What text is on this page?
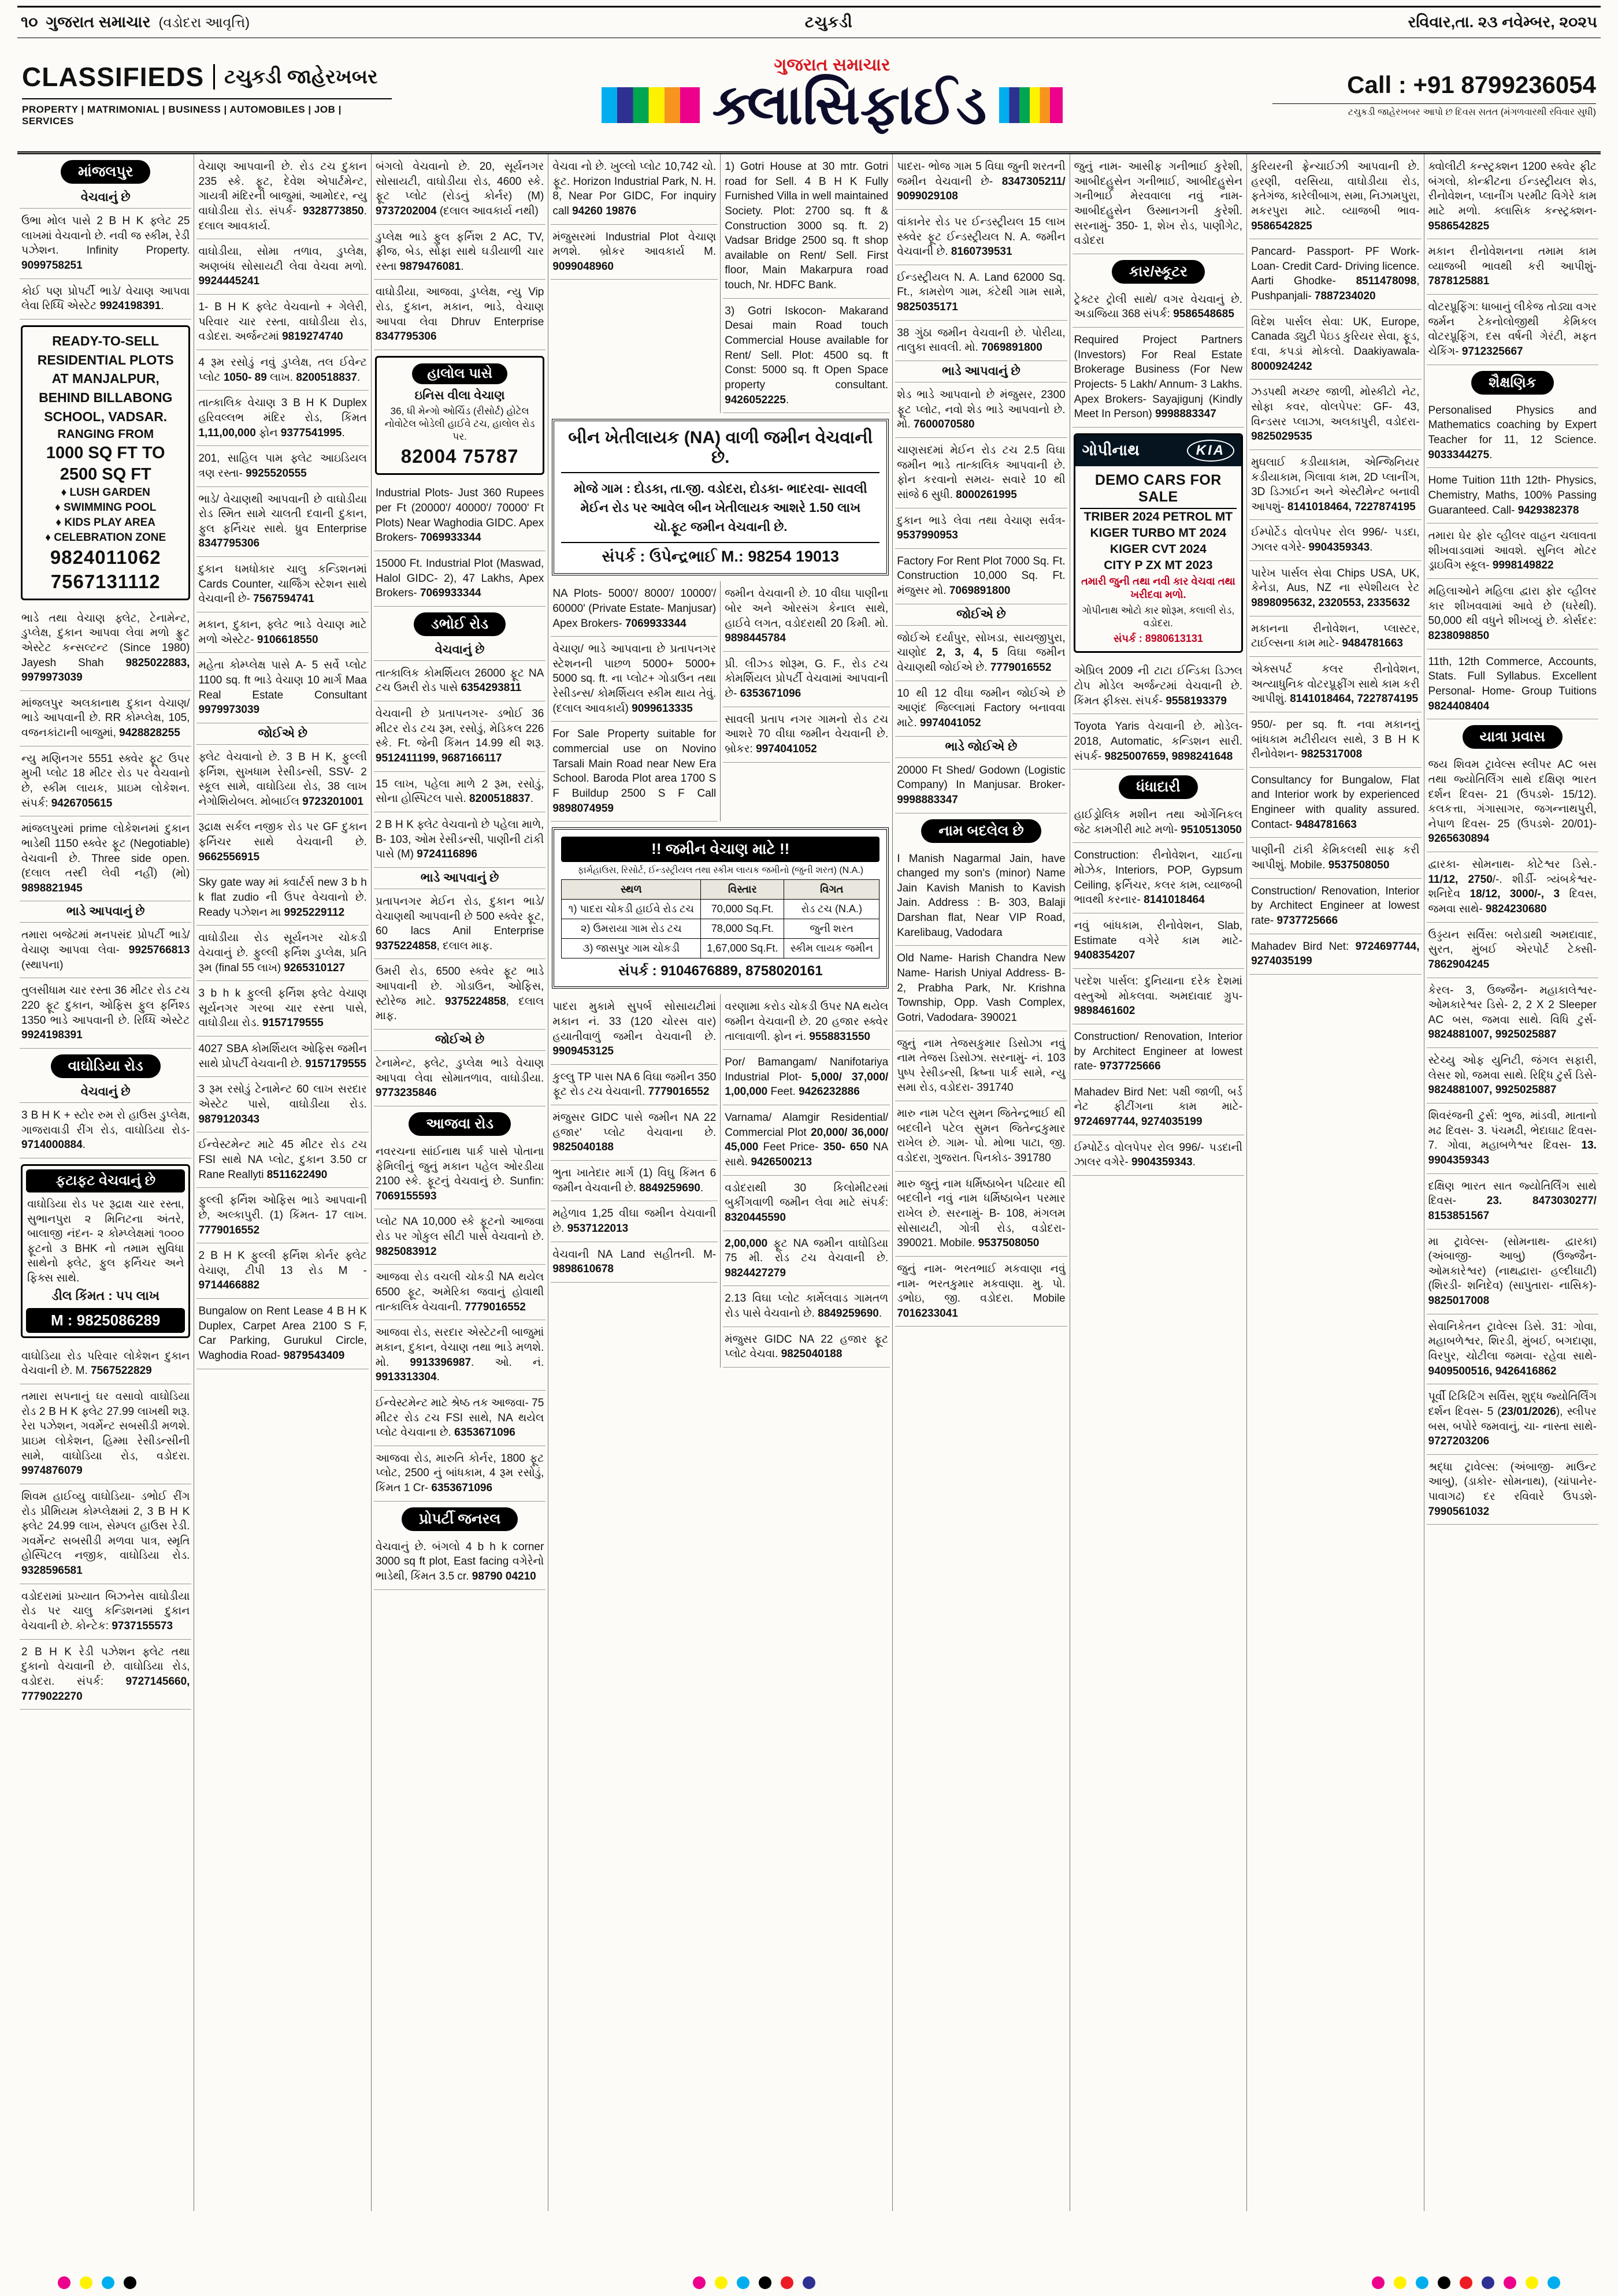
૧૦ ગુજરાત સમાચાર (વડોદરા આવૃત્તિ)	ટચુકડી	રવિવાર,તા. ૨૩ નવેમ્બર, ૨૦૨૫
CLASSIFIEDS ટચુકડી જાહેરખબર
PROPERTY | MATRIMONIAL | BUSINESS | AUTOMOBILES | JOB | SERVICES
ગુજરાત સમાચાર
ક્લાસિફાઈડ	Call : +91 8799236054
ટચુકડી જાહેરખબર આપો છ દિવસ સતત (મંગળવારથી રવિવાર સુધી)
માંજલપુર
વેચવાનું છે
ઉભા મોલ પાસે 2 B H K ફ્લેટ 25 લાખમાં વેચવાનો છે. નવી જ સ્કીમ, રેડી પઝેશન. Infinity Property. 9099758251
કોઈ પણ પ્રોપર્ટી ભાડે/ વેચાણ આપવા લેવા રિધ્ધિ એસ્ટેટ 9924198391.
READY-TO-SELL
RESIDENTIAL PLOTS
AT MANJALPUR,
BEHIND BILLABONG
SCHOOL, VADSAR.
RANGING FROM
1000 SQ FT TO
2500 SQ FT
♦ LUSH GARDEN
♦ SWIMMING POOL
♦ KIDS PLAY AREA
♦ CELEBRATION ZONE
9824011062
7567131112
ભાડે તથા વેચાણ ફ્લેટ, ટેનામેન્ટ, ડુપ્લેક્ષ, દુકાન આપવા લેવા મળો ફ્રુટ એસ્ટેટ કન્સલ્ટન્ટ (Since 1980) Jayesh Shah 9825022883, 9979973039
માંજલપુર અલકાનાથ દુકાન વેચાણ/ ભાડે આપવાની છે. RR કોમ્પ્લેક્ષ, 105, વજનકાંટાની બાજુમાં, 9428828255
ન્યુ મણિનગર 5551 સ્ક્વેર ફૂટ ઉપર મુખી પ્લોટ 18 મીટર રોડ પર વેચવાનો છે, સ્કીમ લાયક, પ્રાઇમ લોકેશન. સંપર્ક: 9426705615
માંજલપુરમાં prime લોકેશનમાં દુકાન ભાડેથી 1150 સ્ક્વેર ફૂટ (Negotiable) વેચવાની છે. Three side open. (દલાલ તસ્દી લેવી નહીં) (મો) 9898821945
ભાડે આપવાનું છે
તમારા બજેટમાં મનપસંદ પ્રોપર્ટી ભાડે/ વેચાણ આપવા લેવા- 9925766813 (સ્થાપના)
તુલસીધામ ચાર રસ્તા 36 મીટર રોડ ટચ 220 ફૂટ દુકાન, ઓફિસ ફુલ ફર્નિશ્ડ 1350 ભાડે આપવાની છે. રિધ્ધિ એસ્ટેટ 9924198391
વાઘોડિયા રોડ
વેચવાનું છે
3 B H K + સ્ટોર રુમ રો હાઉસ ડુપ્લેક્ષ, ગાજરાવાડી રીંગ રોડ, વાઘોડિયા રોડ- 9714000884.
ફટાફટ વેચવાનું છે
વાઘોડિયા રોડ પર રૂદ્રાક્ષ ચાર રસ્તા, સુભાનપુરા ૨ મિનિટના અંતરે, બાલાજી નંદન- ૨ કોમ્પ્લેક્ષમાં ૧૦૦૦ ફૂટનો ૩ BHK નો તમામ સુવિધા સાથેનો ફ્લેટ, ફુલ ફર્નિચર અને ફિક્સ સાથે.
ડીલ કિંમત : ૫૫ લાખ
M : 9825086289
વાઘોડિયા રોડ પરિવાર લોકેશન દુકાન વેચવાની છે. M. 7567522829
તમારા સપનાનું ઘર વસાવો વાઘોડિયા રોડ 2 B H K ફ્લેટ 27.99 લાખથી શરૂ. રેરા પઝેશન, ગવર્મેન્ટ સબસીડી મળશે. પ્રાઇમ લોકેશન, હિમ્મા રેસીડન્સીની સામે, વાઘોડિયા રોડ, વડોદરા. 9974876079
શિવમ હાઈવ્યુ વાઘોડિયા- ડભોઈ રીંગ રોડ પ્રીમિયમ કોમ્પ્લેક્ષમાં 2, 3 B H K ફ્લેટ 24.99 લાખ, સેમ્પલ હાઉસ રેડી. ગવર્મેન્ટ સબસીડી મળવા પાત્ર, સ્મૃતિ હોસ્પિટલ નજીક, વાઘોડિયા રોડ. 9328596581
વડોદરામાં પ્રખ્યાત બિઝનેસ વાઘોડીયા રોડ પર ચાલુ કન્ડિશનમાં દુકાન વેચવાની છે. કોન્ટેક: 9737155573
2 B H K રેડી પઝેશન ફ્લેટ તથા દુકાનો વેચવાની છે. વાઘોડિયા રોડ, વડોદરા. સંપર્ક: 9727145660, 7779022270
વેચાણ આપવાની છે. રોડ ટચ દુકાન 235 સ્કે. ફૂટ, દેવેશ એપાર્ટમેન્ટ, ગાયત્રી મંદિરની બાજુમાં, આમોદર, ન્યુ વાઘોડીયા રોડ. સંપર્ક- 9328773850. દલાલ આવકાર્ય.
વાઘોડીયા, સોમા તળાવ, ડુપ્લેક્ષ, અણબંધ સોસાયટી લેવા વેચવા મળો. 9924445241
1- B H K ફ્લેટ વેચવાનો + ગેલેરી, પરિવાર ચાર રસ્તા, વાઘોડીયા રોડ, વડોદરા. અર્જન્ટમાં 9819274740
4 રૂમ રસોડું નવું ડુપ્લેક્ષ, તલ ઈવેન્ટ પ્લોટ 1050- 89 લાખ. 8200518837.
તાત્કાલિક વેચાણ 3 B H K Duplex હરિવલ્લભ મંદિર રોડ, કિંમત 1,11,00,000 ફોન 9377541995.
201, સાહિલ પામ ફ્લેટ આઇડિયલ ત્રણ રસ્તા- 9925520555
ભાડે/ વેચાણથી આપવાની છે વાઘોડીયા રોડ સ્મિત સામે ચાલતી દવાની દુકાન, ફુલ ફર્નિચર સાથે. ધ્રુવ Enterprise 8347795306
દુકાન ધમધોકાર ચાલુ કન્ડિશનમાં Cards Counter, ચાર્જિંગ સ્ટેશન સાથે વેચવાની છે- 7567594741
મકાન, દુકાન, ફ્લેટ ભાડે વેચાણ માટે મળો એસ્ટેટ- 9106618550
મહેતા કોમ્પ્લેક્ષ પાસે A- 5 સર્વે પ્લોટ 1100 sq. ft ભાડે વેચાણ 10 માર્ગ Maa Real Estate Consultant 9979973039
જોઈએ છે
ફ્લેટ વેચવાનો છે. 3 B H K, ફુલ્લી ફર્નિશ, સુખધામ રેસીડન્સી, SSV- 2 સ્કૂલ સામે, વાઘોડિયા રોડ, 38 લાખ નેગોશિયેબલ. મોબાઈલ 9723201001
રૂદ્રાક્ષ સર્કલ નજીક રોડ પર GF દુકાન ફર્નિચર સાથે વેચવાની છે. 9662556915
Sky gate way માં ક્વાર્ટર્સ new 3 b h k flat zudio ની ઉપર વેચવાનો છે. Ready પઝેશન મા 9925229112
વાઘોડીયા રોડ સૂર્યનગર ચોકડી વેચવાનું છે. ફુલ્લી ફર્નિશ ડુપ્લેક્ષ, પ્રતિ રૂમ (final 55 લાખ) 9265310127
3 b h k ફુલ્લી ફર્નિશ ફ્લેટ વેચાણ સૂર્યનગર ગરબા ચાર રસ્તા પાસે, વાઘોડીયા રોડ. 9157179555
4027 SBA કોમર્શિયલ ઓફિસ જમીન સાથે પ્રોપર્ટી વેચવાની છે. 9157179555
3 રૂમ રસોડું ટેનામેન્ટ 60 લાખ સરદાર એસ્ટેટ પાસે, વાઘોડીયા રોડ. 9879120343
ઈન્વેસ્ટમેન્ટ માટે 45 મીટર રોડ ટચ FSI સાથે NA પ્લોટ, દુકાન 3.50 cr Rane Reallyti 8511622490
ફુલ્લી ફર્નિશ ઓફિસ ભાડે આપવાની છે, અલ્કાપુરી. (1) કિંમત- 17 લાખ. 7779016552
2 B H K ફુલ્લી ફર્નિશ કોર્નર ફ્લેટ વેચાણ, ટીપી 13 રોડ M - 9714466882
Bungalow on Rent Lease 4 B H K Duplex, Carpet Area 2100 S F, Car Parking, Gurukul Circle, Waghodia Road- 9879543409
બંગલો વેચવાનો છે. 20, સૂર્યનગર સોસાયટી, વાઘોડીયા રોડ, 4600 સ્કે. ફૂટ પ્લોટ (રોડનું કોર્નર) (M) 9737202004 (દલાલ આવકાર્ય નથી)
ડુપ્લેક્ષ ભાડે ફુલ ફર્નિશ 2 AC, TV, ફ્રીજ, બેડ, સોફા સાથે ઘડીયાળી ચાર રસ્તા 9879476081.
વાઘોડીયા, આજવા, ડુપ્લેક્ષ, ન્યુ Vip રોડ, દુકાન, મકાન, ભાડે, વેચાણ આપવા લેવા Dhruv Enterprise 8347795306
હાલોલ પાસે
ઇનિસ વીલા વેચાણ
36, ધી મેન્ગો ઓર્ચિડ (રીસોર્ટ) હોટેલ નોવોટેલ બોડેલી હાઈવે ટચ, હાલોલ રોડ પર.
82004 75787
Industrial Plots- Just 360 Rupees per Ft (20000'/ 40000'/ 70000' Ft Plots) Near Waghodia GIDC. Apex Brokers- 7069933344
15000 Ft. Industrial Plot (Maswad, Halol GIDC- 2), 47 Lakhs, Apex Brokers- 7069933344
ડભોઈ રોડ
વેચવાનું છે
તાત્કાલિક કોમર્શિયલ 26000 ફૂટ NA ટચ ઉમરી રોડ પાસે 6354293811
વેચવાની છે પ્રતાપનગર- ડભોઈ 36 મીટર રોડ ટચ રૂમ, રસોડું, મેડિકલ 226 સ્કે. Ft. જેની કિંમત 14.99 થી શરૂ. 9512411199, 9687166117
15 લાખ, પહેલા માળે 2 રૂમ, રસોડું, સોના હોસ્પિટલ પાસે. 8200518837.
2 B H K ફ્લેટ વેચવાનો છે પહેલા માળે, B- 103, ઓમ રેસીડન્સી, પાણીની ટાંકી પાસે (M) 9724116896
ભાડે આપવાનું છે
પ્રતાપનગર મેઈન રોડ, દુકાન ભાડે/ વેચાણથી આપવાની છે 500 સ્ક્વેર ફૂટ, 60 lacs Anil Enterprise 9375224858, દલાલ માફ.
ઉમરી રોડ, 6500 સ્ક્વેર ફૂટ ભાડે આપવાની છે. ગોડાઉન, ઓફિસ, સ્ટોરેજ માટે. 9375224858, દલાલ માફ.
જોઈએ છે
ટેનામેન્ટ, ફ્લેટ, ડુપ્લેક્ષ ભાડે વેચાણ આપવા લેવા સોમાતળાવ, વાઘોડીયા. 9773235846
આજવા રોડ
નવરચના સાંઈનાથ પાર્ક પાસે પોતાના ફેમિલીનું જુનું મકાન પહેલ ઓરડીયા 2100 સ્કે. ફૂટનું વેચવાનું છે. Sunfin: 7069155593
પ્લોટ NA 10,000 સ્કે ફૂટનો આજવા રોડ પર ગોકુલ સીટી પાસે વેચવાનો છે. 9825083912
આજવા રોડ વચલી ચોકડી NA થયેલ 6500 ફૂટ, અમેરિકા જવાનું હોવાથી તાત્કાલિક વેચવાની. 7779016552
આજવા રોડ, સરદાર એસ્ટેટની બાજુમાં મકાન, દુકાન, વેચાણ તથા ભાડે મળશે. મો. 9913396987. ઓ. નં. 9913313304.
ઈન્વેસ્ટમેન્ટ માટે શ્રેષ્ઠ તક આજવા- 75 મીટર રોડ ટચ FSI સાથે, NA થયેલ પ્લોટ વેચવાના છે. 6353671096
આજવા રોડ, મારુતિ કોર્નર, 1800 ફૂટ પ્લોટ, 2500 નું બાંધકામ, 4 રૂમ રસોડું, કિંમત 1 Cr- 6353671096
પ્રોપર્ટી જનરલ
વેચવાનું છે. બંગલો 4 b h k corner 3000 sq ft plot, East facing વગેરેનો ભાડેથી, કિંમત 3.5 cr. 98790 04210
વેચવા નો છે. ખુલ્લો પ્લોટ 10,742 ચો. ફૂટ. Horizon Industrial Park, N. H. 8, Near Por GIDC, For inquiry call 94260 19876
મંજુસરમાં Industrial Plot વેચાણ મળશે. બ્રોકર આવકાર્ય M. 9099048960
1) Gotri House at 30 mtr. Gotri road for Sell. 4 B H K Fully Furnished Villa in well maintained Society. Plot: 2700 sq. ft & Construction 3000 sq. ft. 2) Vadsar Bridge 2500 sq. ft shop available on Rent/ Sell. First floor, Main Makarpura road touch, Nr. HDFC Bank.
3) Gotri Iskocon- Makarand Desai main Road touch Commercial House available for Rent/ Sell. Plot: 4500 sq. ft Const: 5000 sq. ft Open Space property consultant. 9426052225.
બીન ખેતીલાયક (NA) વાળી જમીન વેચવાની છે.
મોજે ગામ : દોડકા, તા.જી. વડોદરા, દોડકા- ભાદરવા- સાવલી મેઈન રોડ પર આવેલ બીન ખેતીલાયક આશરે 1.50 લાખ ચો.ફૂટ જમીન વેચવાની છે.
સંપર્ક : ઉપેન્દ્રભાઈ M.: 98254 19013
NA Plots- 5000'/ 8000'/ 10000'/ 60000' (Private Estate- Manjusar) Apex Brokers- 7069933344
વેચાણ/ ભાડે આપવાના છે પ્રતાપનગર સ્ટેશનની પાછળ 5000+ 5000+ 5000 sq. ft. ના પ્લોટ+ ગોડાઉન તથા રેસીડન્સ/ કોમર્શિયલ સ્કીમ થાય તેવું. (દલાલ આવકાર્ય) 9099613335
For Sale Property suitable for commercial use on Novino Tarsali Main Road near New Era School. Baroda Plot area 1700 S F Buildup 2500 S F Call 9898074959
જમીન વેચવાની છે. 10 વીઘા પાણીના બોર અને ઓરસંગ કેનાલ સાથે, હાઈવે લગત, વડોદરાથી 20 કિમી. મો. 9898445784
પ્રી. લીઝ્ડ શોરૂમ, G. F., રોડ ટચ કોમર્શિયલ પ્રોપર્ટી વેચવામાં આપવાની છે- 6353671096
સાવલી પ્રતાપ નગર ગામનો રોડ ટચ આશરે 70 વીઘા જમીન વેચવાની છે. બ્રોકર: 9974041052
!! જમીન વેચાણ માટે !!
ફાર્મહાઉસ, રિસોર્ટ, ઈન્ડસ્ટ્રીયલ તથા સ્કીમ લાયક જમીનો (જુની શરત) (N.A.)
સ્થળ	વિસ્તાર	વિગત
૧) પાદરા ચોકડી હાઈવે રોડ ટચ	70,000 Sq.Ft.	રોડ ટચ (N.A.)
૨) ઉમરાયા ગામ રોડ ટચ	78,000 Sq.Ft.	જુની શરત
૩) જાસપુર ગામ ચોકડી	1,67,000 Sq.Ft.	સ્કીમ લાયક જમીન
સંપર્ક : 9104676889, 8758020161
પાદરા મુકામે સુપર્બ સોસાયટીમાં મકાન નં. 33 (120 ચોરસ વાર) હયાતીવાળું જમીન વેચવાની છે. 9909453125
કુલ્લુ TP પાસ NA 6 વિઘા જમીન 350 ફૂટ રોડ ટચ વેચવાની. 7779016552
મંજુસર GIDC પાસે જમીન NA 22 હજાર' પ્લોટ વેચવાના છે. 9825040188
ભુતા ખાતેદાર માર્ગ (1) વિઘુ કિંમત 6 જમીન વેચવાની છે. 8849259690.
મહેળાવ 1,25 વીઘા જમીન વેચવાની છે. 9537122013
વેચવાની NA Land સહીતની. M- 9898610678
વરણામા કરોડ ચોકડી ઉપર NA થયેલ જમીન વેચવાની છે. 20 હજાર સ્ક્વેર તાલાવાળી. ફોન નં. 9558831550
Por/ Bamangam/ Nanifotariya Industrial Plot- 5,000/ 37,000/ 1,00,000 Feet. 9426232886
Varnama/ Alamgir Residential/ Commercial Plot 20,000/ 36,000/ 45,000 Feet Price- 350- 650 NA સાથે. 9426500213
વડોદરાથી 30 કિલોમીટરમાં બુકીંગવાળી જમીન લેવા માટે સંપર્ક: 8320445590
2,00,000 ફૂટ NA જમીન વાઘોડિયા 75 મી. રોડ ટચ વેચવાની છે. 9824427279
2.13 વિઘા પ્લોટ કાર્મેલવાડ ગામતળ રોડ પાસે વેચવાનો છે. 8849259690.
મંજુસર GIDC NA 22 હજાર ફૂટ પ્લોટ વેચવા. 9825040188
પાદરા- ભોજ ગામ 5 વિઘા જુની શરતની જમીન વેચવાની છે- 8347305211/ 9099029108
વાંકાનેર રોડ પર ઈન્ડસ્ટ્રીયલ 15 લાખ સ્ક્વેર ફૂટ ઈન્ડસ્ટ્રીયલ N. A. જમીન વેચવાની છે. 8160739531
ઈન્ડસ્ટ્રીયલ N. A. Land 62000 Sq. Ft., કામરોળ ગામ, કંટેથી ગામ સામે, 9825035171
38 ગુંઠા જમીન વેચવાની છે. પોરીયા, તાલુકા સાવલી. મો. 7069891800
ભાડે આપવાનું છે
શેડ ભાડે આપવાનો છે મંજુસર, 2300 ફૂટ પ્લોટ, નવો શેડ ભાડે આપવાનો છે. મો. 7600070580
ચાણસદમાં મેઈન રોડ ટચ 2.5 વિઘા જમીન ભાડે તાત્કાલિક આપવાની છે. ફોન કરવાનો સમય- સવારે 10 થી સાંજે 6 સુધી. 8000261995
દુકાન ભાડે લેવા તથા વેચાણ સર્વત્ર- 9537990953
Factory For Rent Plot 7000 Sq. Ft. Construction 10,000 Sq. Ft. મંજુસર મો. 7069891800
જોઈએ છે
જોઈએ દર્યાપુર, સોખડા, સાયજીપુરા, ચાણોદ 2, 3, 4, 5 વિઘા જમીન વેચાણથી જોઈએ છે. 7779016552
10 થી 12 વીઘા જમીન જોઈએ છે આણંદ જિલ્લામાં Factory બનાવવા માટે. 9974041052
ભાડે જોઈએ છે
20000 Ft Shed/ Godown (Logistic Company) In Manjusar. Broker- 9998883347
નામ બદલેલ છે
I Manish Nagarmal Jain, have changed my son's (minor) Name Jain Kavish Manish to Kavish Jain. Address : B- 303, Balaji Darshan flat, Near VIP Road, Karelibaug, Vadodara
Old Name- Harish Chandra New Name- Harish Uniyal Address- B- 2, Prabha Park, Nr. Krishna Township, Opp. Vash Complex, Gotri, Vadodara- 390021
જુનું નામ તેજસકુમાર ડિસોઝા નવું નામ તેજસ ડિસોઝા. સરનામું- નં. 103 પુષ્પ રેસીડન્સી, ક્રિષ્ના પાર્ક સામે, ન્યુ સમા રોડ, વડોદરા- 391740
મારુ નામ પટેલ સુમન જિતેન્દ્રભાઈ થી બદલીને પટેલ સુમન જિતેન્દ્રકુમાર રાખેલ છે. ગામ- પો. મોભા પાટા, જી. વડોદરા, ગુજરાત. પિનકોડ- 391780
મારુ જુનું નામ ધર્મિષ્ઠાબેન પઢિયાર થી બદલીને નવું નામ ધર્મિષ્ઠાબેન પરમાર રાખેલ છે. સરનામું- B- 108, મંગલમ સોસાયટી, ગોત્રી રોડ, વડોદરા- 390021. Mobile. 9537508050
જુનું નામ- ભરતભાઈ મકવાણા નવું નામ- ભરતકુમાર મકવાણા. મુ. પો. ડભોઇ, જી. વડોદરા. Mobile 7016233041
જુનું નામ- આસીફ ગનીભાઈ કુરેશી, આબીદહુસેન ગનીભાઈ, આબીદહુસેન ગનીભાઈ મેરવવાલા નવું નામ- આબીદહુસેન ઉસ્માનગની કુરેશી. સરનામું- 350- 1, શેખ રોડ, પાણીગેટ, વડોદરા
કાર/સ્કૂટર
ટ્રેક્ટર ટ્રોલી સાથે/ વગર વેચવાનું છે. અડાજિયા 368 સંપર્ક: 9586548685
Required Project Partners (Investors) For Real Estate Brokerage Business (For New Projects- 5 Lakh/ Annum- 3 Lakhs. Apex Brokers- Sayajigunj (Kindly Meet In Person) 9998883347
ગોપીનાથ	KIA
DEMO CARS FOR SALE
TRIBER 2024 PETROL MT
KIGER TURBO MT 2024
KIGER CVT 2024
CITY P ZX MT 2023
તમારી જુની તથા નવી કાર વેચવા તથા ખરીદવા મળો.
ગોપીનાથ ઓટો કાર શોરૂમ, કલાલી રોડ, વડોદરા.
સંપર્ક : 8980613131
એપ્રિલ 2009 ની ટાટા ઈન્ડિકા ડિઝલ ટોપ મોડેલ અર્જન્ટમાં વેચવાની છે. કિંમત ફીક્સ. સંપર્ક- 9558193379
Toyota Yaris વેચવાની છે. મોડેલ- 2018, Automatic, કન્ડિશન સારી. સંપર્ક- 9825007659, 9898241648
ધંધાદારી
હાઈડ્રોલિક મશીન તથા ઓર્ગેનિકલ જેટ કામગીરી માટે મળો- 9510513050
Construction: રીનોવેશન, ચાઈના મોઝેક, Interiors, POP, Gypsum Ceiling, ફર્નિચર, કલર કામ, વ્યાજબી ભાવથી કરનાર- 8141018464
નવું બાંધકામ, રીનોવેશન, Slab, Estimate વગેરે કામ માટે- 9408354207
પરદેશ પાર્સલ: દુનિયાના દરેક દેશમાં વસ્તુઓ મોકલવા. અમદાવાદ ગ્રુપ- 9898461602
Construction/ Renovation, Interior by Architect Engineer at lowest rate- 9737725666
Mahadev Bird Net: પક્ષી જાળી, બર્ડ નેટ ફીટીંગના કામ માટે- 9724697744, 9274035199
ઈમ્પોર્ટેડ વોલપેપર રોલ 996/- પડદાની ઝાલર વગેરે- 9904359343.
કુરિયરની ફ્રેન્ચાઈઝી આપવાની છે. હરણી, વરસિયા, વાઘોડીયા રોડ, ફતેગંજ, કારેલીબાગ, સમા, નિઝામપુરા, મકરપુરા માટે. વ્યાજબી ભાવ- 9586542825
Pancard- Passport- PF Work- Loan- Credit Card- Driving licence. Aarti Ghodke- 8511478098, Pushpanjali- 7887234020
વિદેશ પાર્સલ સેવા: UK, Europe, Canada ડ્યુટી પેઇડ કુરિયર સેવા, ફૂડ, દવા, કપડાં મોકલો. Daakiyawala- 8000924242
ઝડપથી મચ્છર જાળી, મોસ્કીટો નેટ, સોફા કવર, વોલપેપર: GF- 43, વિન્ડસર પ્લાઝા, અલકાપુરી, વડોદરા- 9825029535
મુઘલાઈ કડીયાકામ, એન્જિનિયર કડીયાકામ, ગિલાવા કામ, 2D પ્લાનીંગ, 3D ડિઝાઈન અને એસ્ટીમેન્ટ બનાવી આપશું- 8141018464, 7227874195
ઈમ્પોર્ટેડ વોલપેપર રોલ 996/- પડદા, ઝાલર વગેરે- 9904359343.
પારેખ પાર્સલ સેવા Chips USA, UK, કેનેડા, Aus, NZ ના સ્પેશીયલ રેટ 9898095632, 2320553, 2335632
મકાનના રીનોવેશન, પ્લાસ્ટર, ટાઈલ્સના કામ માટે- 9484781663
એક્સપર્ટ કલર રીનોવેશન, અત્યાધુનિક વોટરપ્રૂફીંગ સાથે કામ કરી આપીશું. 8141018464, 7227874195
950/- per sq. ft. નવા મકાનનું બાંધકામ મટીરીયલ સાથે, 3 B H K રીનોવેશન- 9825317008
Consultancy for Bungalow, Flat and Interior work by experienced Engineer with quality assured. Contact- 9484781663
પાણીની ટાંકી કેમિકલથી સાફ કરી આપીશું. Mobile. 9537508050
Construction/ Renovation, Interior by Architect Engineer at lowest rate- 9737725666
Mahadev Bird Net: 9724697744, 9274035199
ક્વોલીટી કન્સ્ટ્રક્શન 1200 સ્ક્વેર ફીટ બંગલો, કોન્ક્રીટના ઈન્ડસ્ટ્રીયલ શેડ, રીનોવેશન, પ્લાનીંગ પરમીટ વિગેરે કામ માટે મળો. ક્લાસિક કન્સ્ટ્રક્શન- 9586542825
મકાન રીનોવેશનના તમામ કામ વ્યાજબી ભાવથી કરી આપીશું- 7878125881
વોટરપ્રૂફિંગ: ધાબાનું લીકેજ તોડ્યા વગર જર્મન ટેકનોલોજીથી કેમિકલ વોટરપ્રૂફિંગ, દસ વર્ષની ગેરંટી, મફત ચેકિંગ- 9712325667
શૈક્ષણિક
Personalised Physics and Mathematics coaching by Expert Teacher for 11, 12 Science. 9033344275.
Home Tuition 11th 12th- Physics, Chemistry, Maths, 100% Passing Guaranteed. Call- 9429382378
તમારા ઘેર ફોર વ્હીલર વાહન ચલાવતા શીખવાડવામાં આવશે. સુનિલ મોટર ડ્રાઇવિંગ સ્કૂલ- 9998149822
મહિલાઓને મહિલા દ્વારા ફોર વ્હીલર કાર શીખવવામાં આવે છે (ઘરેથી). 50,000 થી વધુને શીખવ્યું છે. કોર્સદર: 8238098850
11th, 12th Commerce, Accounts, Stats. Full Syllabus. Excellent Personal- Home- Group Tuitions 9824408404
યાત્રા પ્રવાસ
જય શિવમ ટ્રાવેલ્સ સ્લીપર AC બસ તથા જ્યોતિર્લિંગ સાથે દક્ષિણ ભારત દર્શન દિવસ- 21 (ઉપડશે- 15/12). કલકત્તા, ગંગાસાગર, જગન્નાથપુરી, નેપાળ દિવસ- 25 (ઉપડશે- 20/01)- 9265630894
દ્વારકા- સોમનાથ- કોટેશ્વર ડિસે.- 11/12, 2750/-. શીર્ડી- ત્ર્યંબકેશ્વર- શનિદેવ 18/12, 3000/-, 3 દિવસ, જમવા સાથે- 9824230680
ઉડ્ડયન સર્વિસ: બરોડાથી અમદાવાદ, સુરત, મુંબઈ એરપોર્ટ ટેક્સી- 7862904245
કેરલ- 3, ઉજ્જૈન- મહાકાલેશ્વર- ઓમકારેશ્વર ડિસે- 2, 2 X 2 Sleeper AC બસ, જમવા સાથે. વિધિ ટુર્સ- 9824881007, 9925025887
સ્ટેચ્યુ ઓફ યુનિટી, જંગલ સફારી, લેસર શો, જમવા સાથે. રિદ્ધિ ટુર્સ ડિસે- 9824881007, 9925025887
શિવરંજની ટુર્સ: ભુજ, માંડવી, માતાનો મઢ દિવસ- 3. પંચમઢી, ભેદાઘાટ દિવસ- 7. ગોવા, મહાબળેશ્વર દિવસ- 13. 9904359343
દક્ષિણ ભારત સાત જ્યોતિર્લિંગ સાથે દિવસ- 23. 8473030277/ 8153851567
મા ટ્રાવેલ્સ- (સોમનાથ- દ્વારકા) (અંબાજી- આબુ) (ઉજ્જૈન- ઓમકારેશ્વર) (નાથદ્વારા- હલ્દીઘાટી) (શિરડી- શનિદેવ) (સાપુતારા- નાસિક)- 9825017008
સેવાનિકેતન ટ્રાવેલ્સ ડિસે. 31: ગોવા, મહાબળેશ્વર, શિરડી, મુંબઈ, બગદાણા, વિરપુર, ચોટીલા જમવા- રહેવા સાથે- 9409500516, 9426416862
પૂર્વી ટિકિટિંગ સર્વિસ, શુદ્ધ જ્યોતિર્લિંગ દર્શન દિવસ- 5 (23/01/2026), સ્લીપર બસ, બપોરે જમવાનું, ચા- નાસ્તા સાથે- 9727203206
શ્રદ્ધા ટ્રાવેલ્સ: (અંબાજી- માઉન્ટ આબુ), (ડાકોર- સોમનાથ), (ચાંપાનેર- પાવાગઢ) દર રવિવારે ઉપડશે- 7990561032
